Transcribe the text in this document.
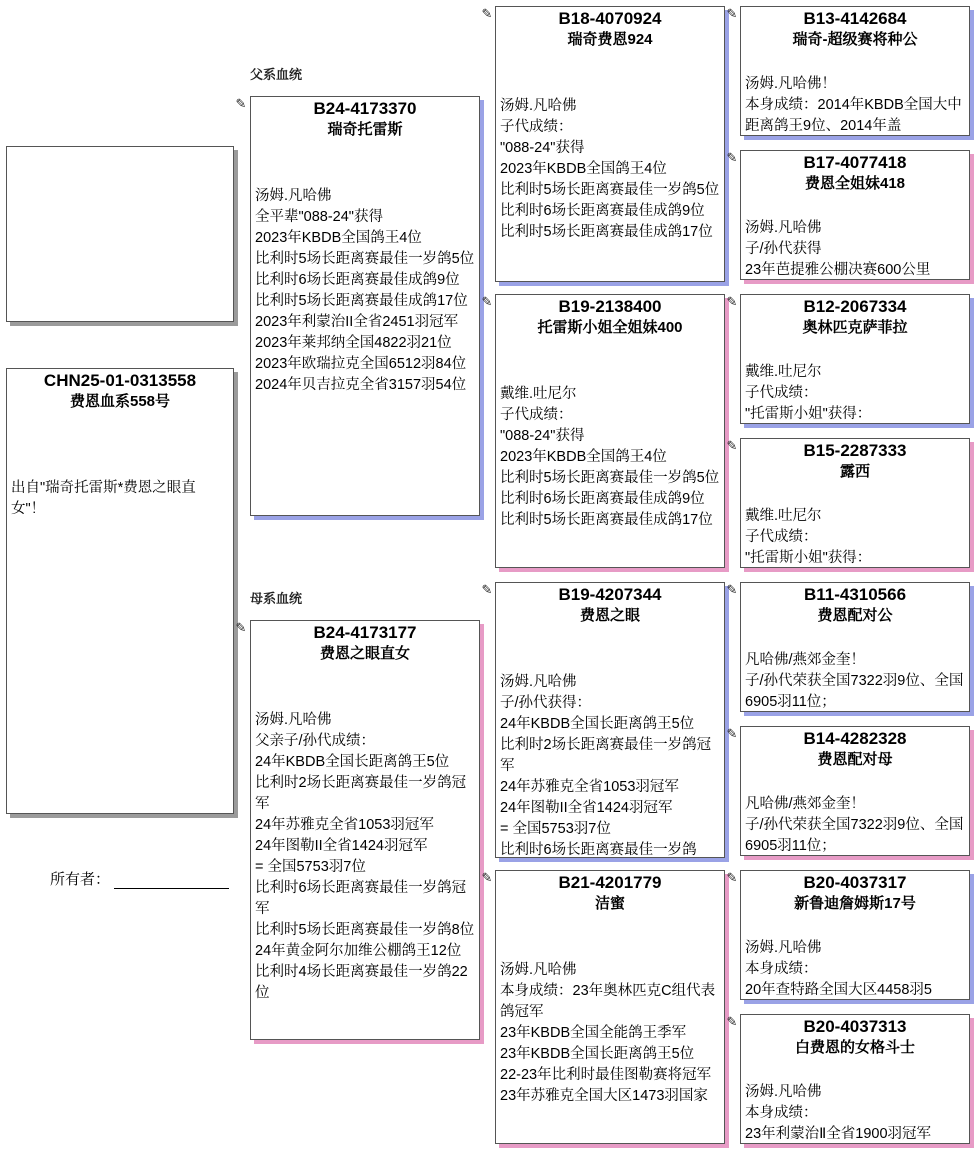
CHN25-01-0313558
费恩血系558号
出自"瑞奇托雷斯*费恩之眼直女"！
所有者：
父系血统
母系血统
✎	B24-4173370
瑞奇托雷斯
汤姆.凡哈佛
全平辈"088-24"获得
2023年KBDB全国鸽王4位
比利时5场长距离赛最佳一岁鸽5位
比利时6场长距离赛最佳成鸽9位
比利时5场长距离赛最佳成鸽17位
2023年利蒙治II全省2451羽冠军
2023年莱邦纳全国4822羽21位
2023年欧瑞拉克全国6512羽84位
2024年贝吉拉克全省3157羽54位
✎	B24-4173177
费恩之眼直女
汤姆.凡哈佛
父亲子/孙代成绩：
24年KBDB全国长距离鸽王5位
比利时2场长距离赛最佳一岁鸽冠军
24年苏雅克全省1053羽冠军
24年图勒II全省1424羽冠军
= 全国5753羽7位
比利时6场长距离赛最佳一岁鸽冠军
比利时5场长距离赛最佳一岁鸽8位
24年黄金阿尔加维公棚鸽王12位
比利时4场长距离赛最佳一岁鸽22位
✎	B18-4070924
瑞奇费恩924
汤姆.凡哈佛
子代成绩：
"088-24"获得
2023年KBDB全国鸽王4位
比利时5场长距离赛最佳一岁鸽5位
比利时6场长距离赛最佳成鸽9位
比利时5场长距离赛最佳成鸽17位
✎	B19-2138400
托雷斯小姐全姐妹400
戴维.吐尼尔
子代成绩：
"088-24"获得
2023年KBDB全国鸽王4位
比利时5场长距离赛最佳一岁鸽5位
比利时6场长距离赛最佳成鸽9位
比利时5场长距离赛最佳成鸽17位
✎	B19-4207344
费恩之眼
汤姆.凡哈佛
子/孙代获得：
24年KBDB全国长距离鸽王5位
比利时2场长距离赛最佳一岁鸽冠军
24年苏雅克全省1053羽冠军
24年图勒II全省1424羽冠军
= 全国5753羽7位
比利时6场长距离赛最佳一岁鸽
✎	B21-4201779
洁蜜
汤姆.凡哈佛
本身成绩：23年奥林匹克C组代表鸽冠军
23年KBDB全国全能鸽王季军
23年KBDB全国长距离鸽王5位
22-23年比利时最佳图勒赛将冠军
23年苏雅克全国大区1473羽国家
✎	B13-4142684
瑞奇-超级赛将种公
汤姆.凡哈佛！
本身成绩：2014年KBDB全国大中距离鸽王9位、2014年盖
✎	B17-4077418
费恩全姐妹418
汤姆.凡哈佛
子/孙代获得
23年芭提雅公棚决赛600公里
✎	B12-2067334
奥林匹克萨菲拉
戴维.吐尼尔
子代成绩：
"托雷斯小姐"获得：
✎	B15-2287333
露西
戴维.吐尼尔
子代成绩：
"托雷斯小姐"获得：
✎	B11-4310566
费恩配对公
凡哈佛/燕郊金奎！
子/孙代荣获全国7322羽9位、全国6905羽11位；
✎	B14-4282328
费恩配对母
凡哈佛/燕郊金奎！
子/孙代荣获全国7322羽9位、全国6905羽11位；
✎	B20-4037317
新鲁迪詹姆斯17号
汤姆.凡哈佛
本身成绩：
20年查特路全国大区4458羽5
✎	B20-4037313
白费恩的女格斗士
汤姆.凡哈佛
本身成绩：
23年利蒙治Ⅱ全省1900羽冠军
